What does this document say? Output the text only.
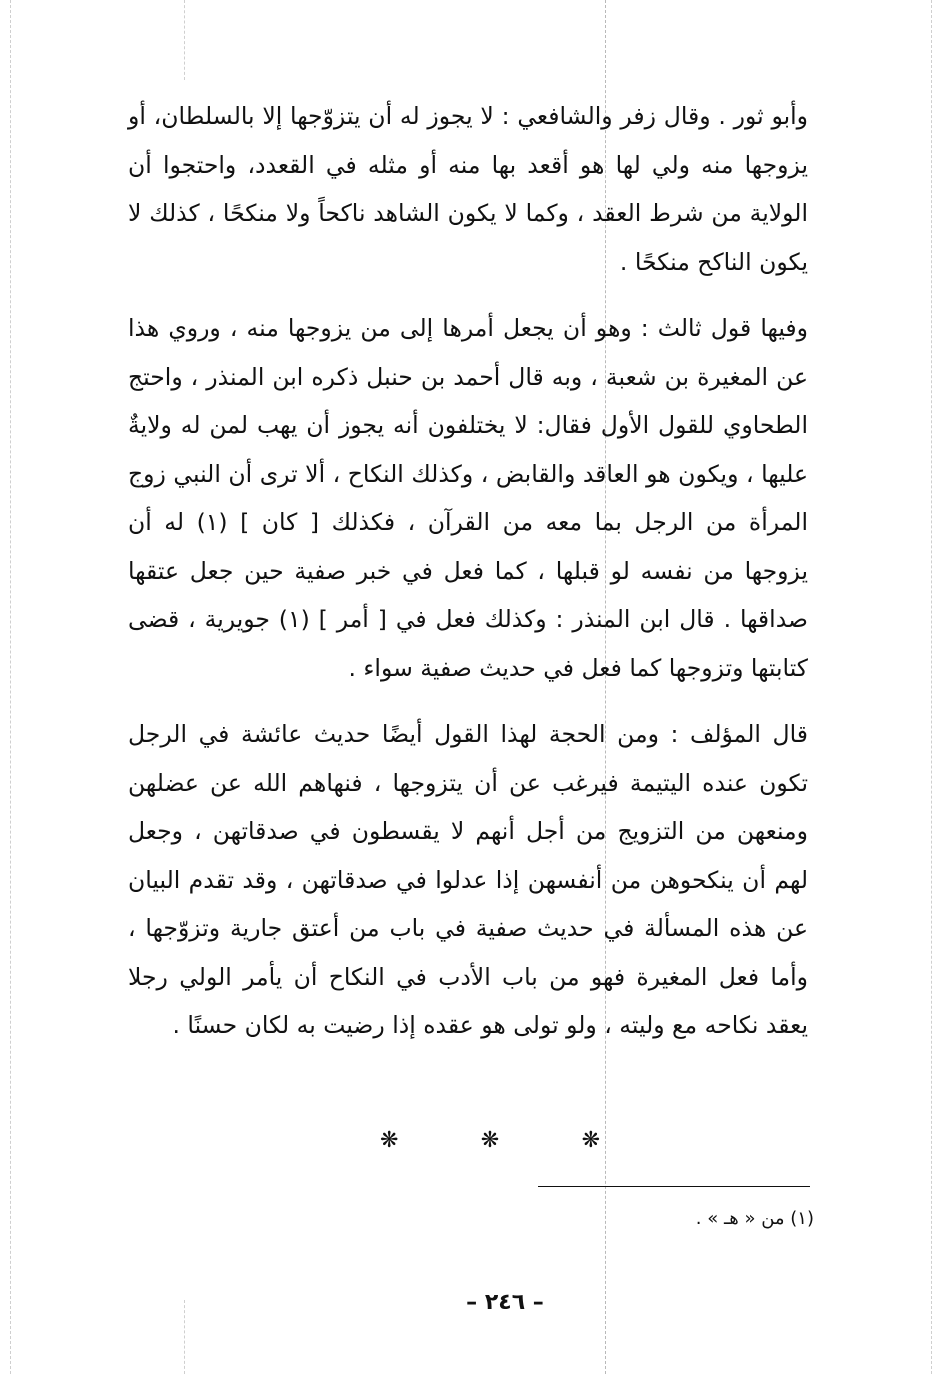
وأبو ثور . وقال زفر والشافعي : لا يجوز له أن يتزوّجها إلا بالسلطان، أو يزوجها منه ولي لها هو أقعد بها منه أو مثله في القعدد، واحتجوا أن الولاية من شرط العقد ، وكما لا يكون الشاهد ناكحاً ولا منكحًا ، كذلك لا يكون الناكح منكحًا .

وفيها قول ثالث : وهو أن يجعل أمرها إلى من يزوجها منه ، وروي هذا عن المغيرة بن شعبة ، وبه قال أحمد بن حنبل ذكره ابن المنذر ، واحتج الطحاوي للقول الأول فقال: لا يختلفون أنه يجوز أن يهب لمن له ولايةٌ عليها ، ويكون هو العاقد والقابض ، وكذلك النكاح ، ألا ترى أن النبي زوج المرأة من الرجل بما معه من القرآن ، فكذلك [ كان ] (١) له أن يزوجها من نفسه لو قبلها ، كما فعل في خبر صفية حين جعل عتقها صداقها . قال ابن المنذر : وكذلك فعل في [ أمر ] (١) جويرية ، قضى كتابتها وتزوجها كما فعل في حديث صفية سواء .

قال المؤلف : ومن الحجة لهذا القول أيضًا حديث عائشة في الرجل تكون عنده اليتيمة فيرغب عن أن يتزوجها ، فنهاهم الله عن عضلهن ومنعهن من التزويج من أجل أنهم لا يقسطون في صدقاتهن ، وجعل لهم أن ينكحوهن من أنفسهن إذا عدلوا في صدقاتهن ، وقد تقدم البيان عن هذه المسألة في حديث صفية في باب من أعتق جارية وتزوّجها ، وأما فعل المغيرة فهو من باب الأدب في النكاح أن يأمر الولي رجلا يعقد نكاحه مع وليته ، ولو تولى هو عقده إذا رضيت به لكان حسنًا .

❋	❋	❋
(١) من « هـ » .
– ٢٤٦ –
